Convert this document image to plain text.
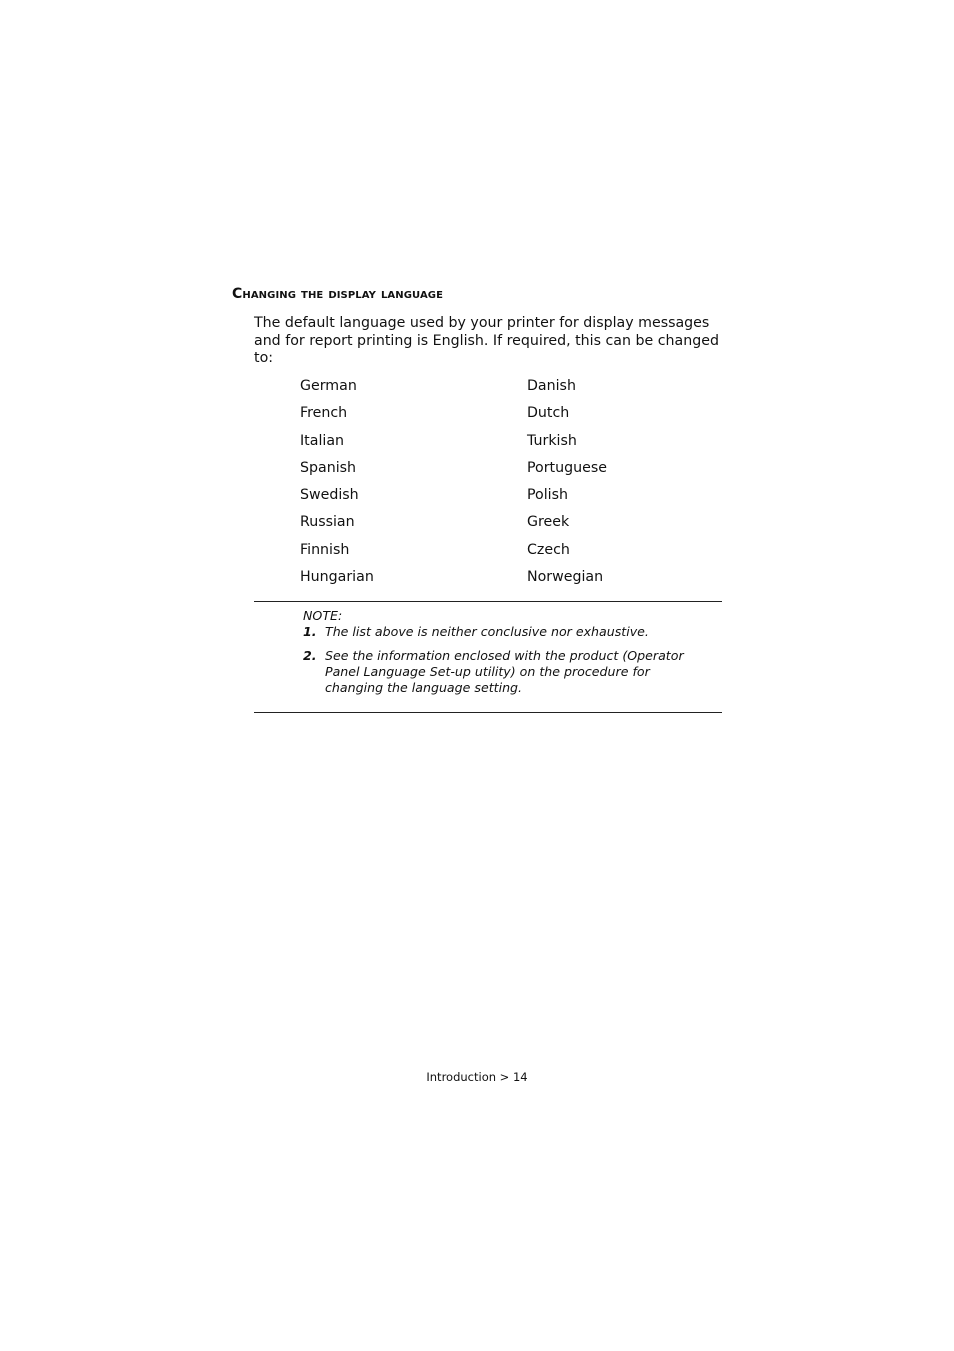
Changing the display language

The default language used by your printer for display messages and for report printing is English. If required, this can be changed to:

German	Danish
French	Dutch
Italian	Turkish
Spanish	Portuguese
Swedish	Polish
Russian	Greek
Finnish	Czech
Hungarian	Norwegian
NOTE:
1. The list above is neither conclusive nor exhaustive.
2. See the information enclosed with the product (Operator Panel Language Set-up utility) on the procedure for changing the language setting.
Introduction > 14
